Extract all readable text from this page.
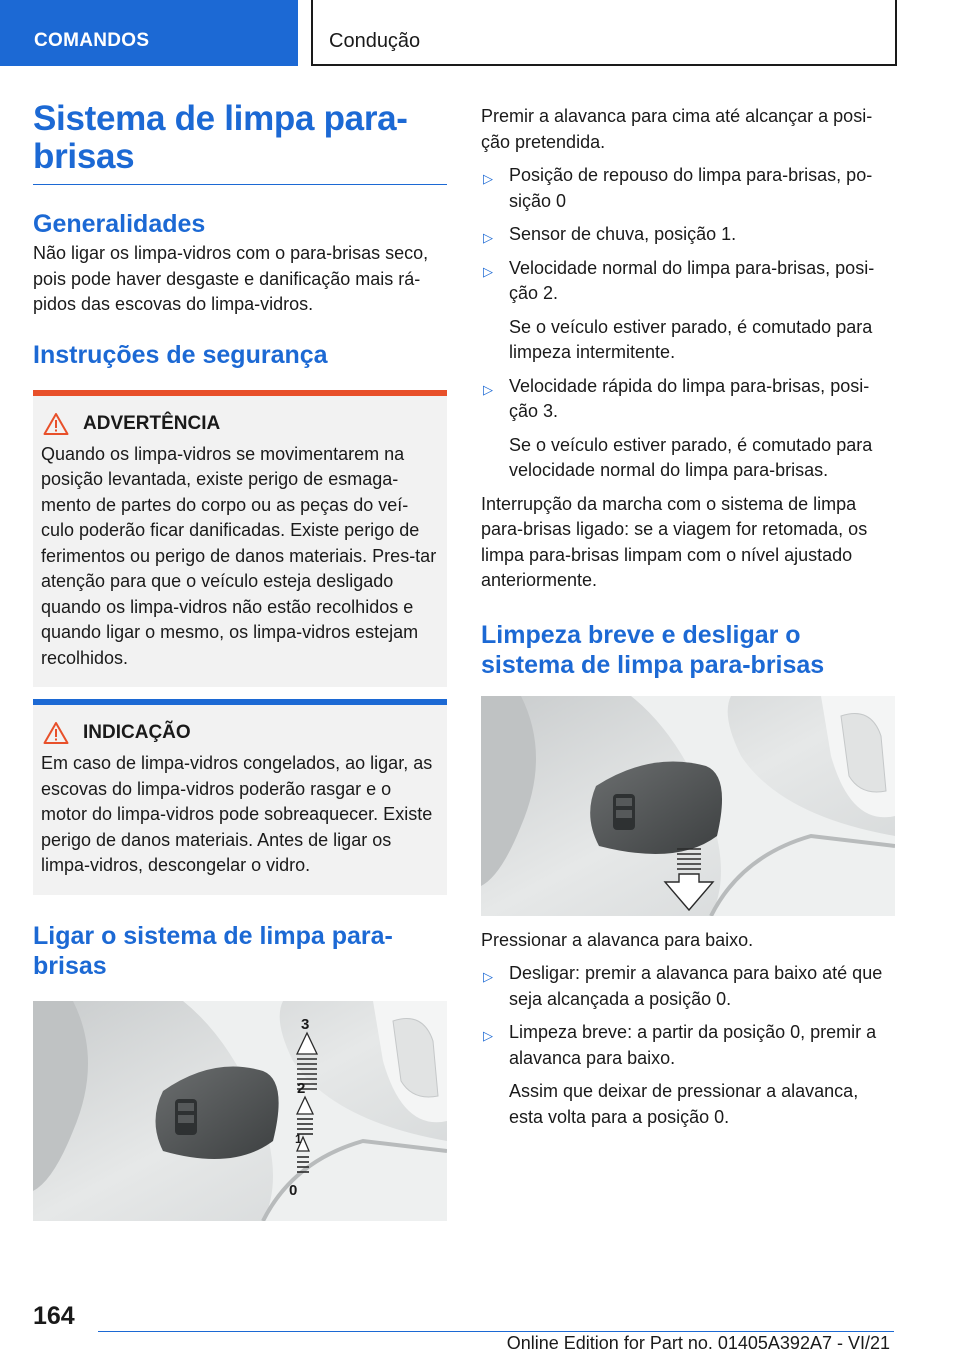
COMANDOS	Condução
Sistema de limpa para-brisas
Generalidades

Não ligar os limpa-vidros com o para-brisas seco, pois pode haver desgaste e danificação mais rá-pidos das escovas do limpa-vidros.

Instruções de segurança
ADVERTÊNCIA

Quando os limpa-vidros se movimentarem na posição levantada, existe perigo de esmaga-mento de partes do corpo ou as peças do veí-culo poderão ficar danificadas. Existe perigo de ferimentos ou perigo de danos materiais. Pres-tar atenção para que o veículo esteja desligado quando os limpa-vidros não estão recolhidos e quando ligar o mesmo, os limpa-vidros estejam recolhidos.

INDICAÇÃO

Em caso de limpa-vidros congelados, ao ligar, as escovas do limpa-vidros poderão rasgar e o motor do limpa-vidros pode sobreaquecer. Existe perigo de danos materiais. Antes de ligar os limpa-vidros, descongelar o vidro.

Ligar o sistema de limpa para-brisas
3
2
1
0

Premir a alavanca para cima até alcançar a posi-ção pretendida.

▷ Posição de repouso do limpa para-brisas, po-sição 0

▷ Sensor de chuva, posição 1.

▷ Velocidade normal do limpa para-brisas, posi-ção 2.

Se o veículo estiver parado, é comutado para limpeza intermitente.

▷ Velocidade rápida do limpa para-brisas, posi-ção 3.

Se o veículo estiver parado, é comutado para velocidade normal do limpa para-brisas.

Interrupção da marcha com o sistema de limpa para-brisas ligado: se a viagem for retomada, os limpa para-brisas limpam com o nível ajustado anteriormente.

Limpeza breve e desligar o sistema de limpa para-brisas

Pressionar a alavanca para baixo.

▷ Desligar: premir a alavanca para baixo até que seja alcançada a posição 0.

▷ Limpeza breve: a partir da posição 0, premir a alavanca para baixo.

Assim que deixar de pressionar a alavanca, esta volta para a posição 0.

164
Online Edition for Part no. 01405A392A7 - VI/21
